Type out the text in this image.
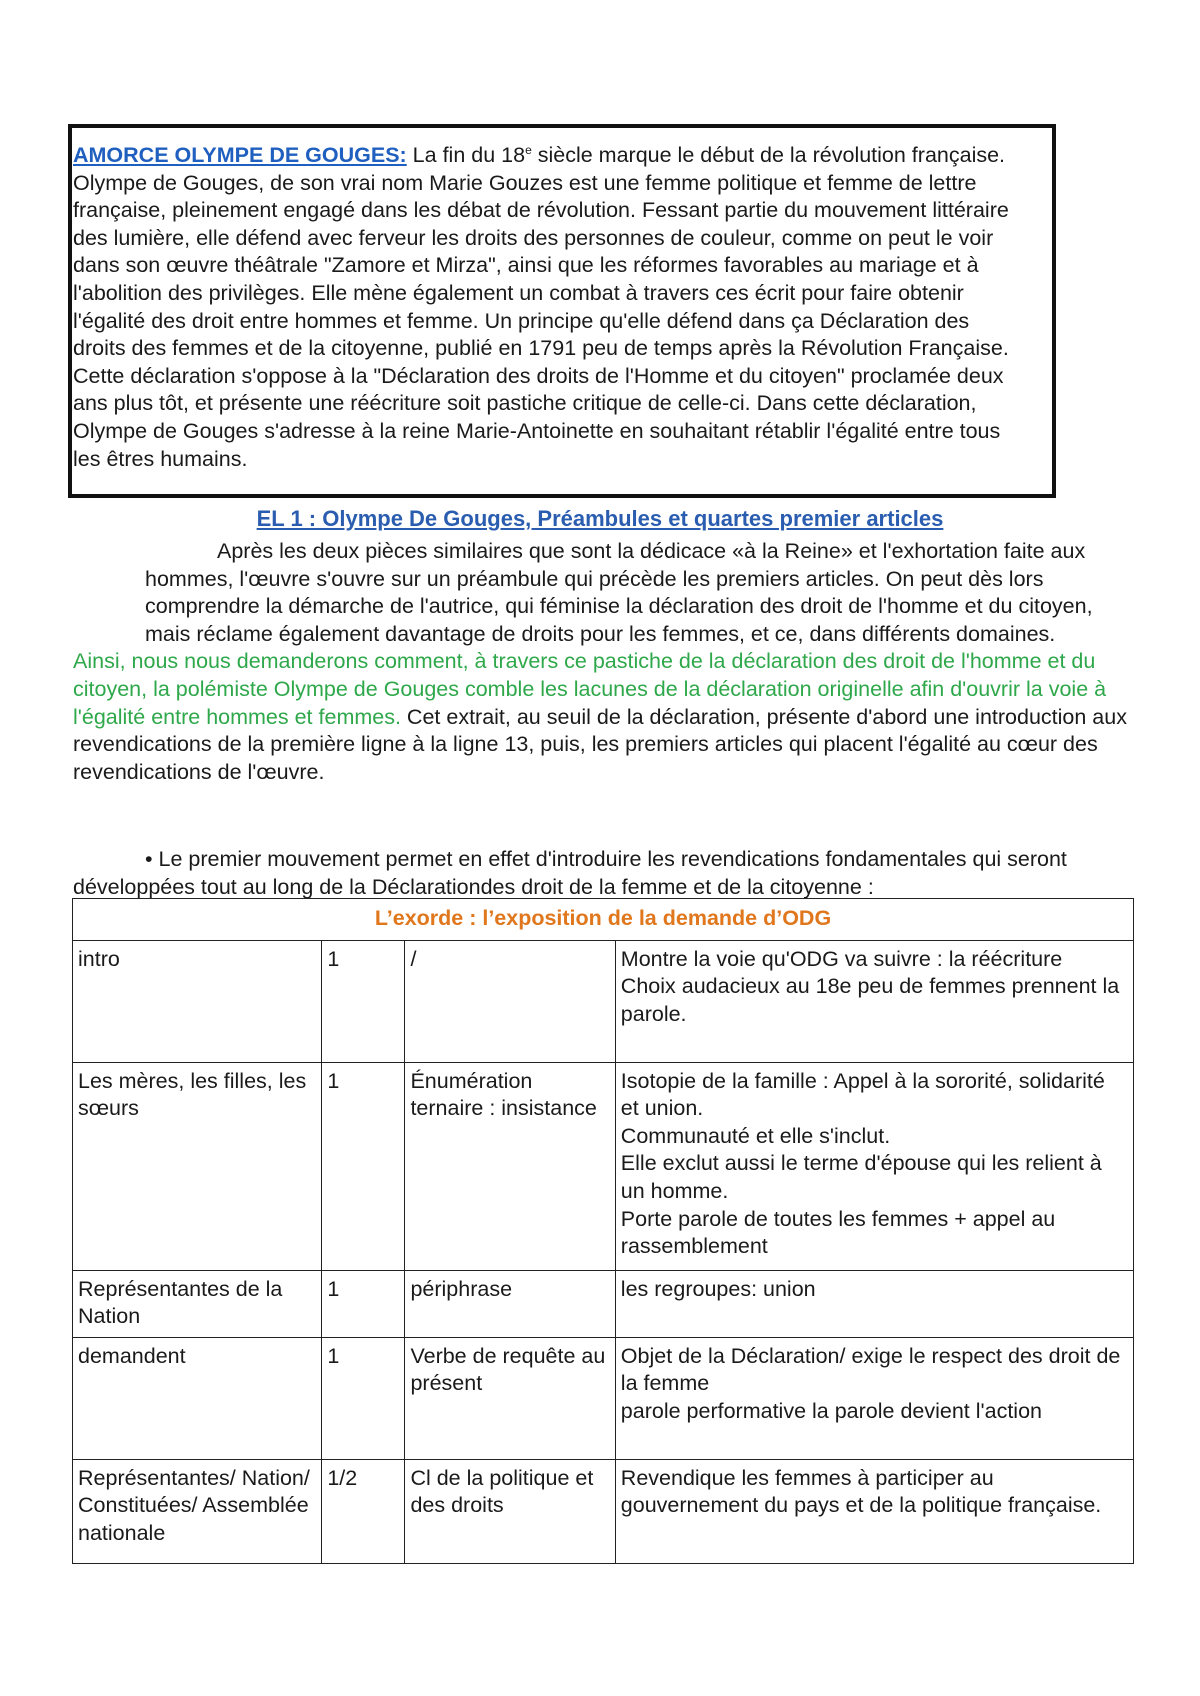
AMORCE OLYMPE DE GOUGES: La fin du 18e siècle marque le début de la révolution française.
Olympe de Gouges, de son vrai nom Marie Gouzes est une femme politique et femme de lettre
française, pleinement engagé dans les débat de révolution. Fessant partie du mouvement littéraire
des lumière, elle défend avec ferveur les droits des personnes de couleur, comme on peut le voir
dans son œuvre théâtrale "Zamore et Mirza", ainsi que les réformes favorables au mariage et à
l'abolition des privilèges. Elle mène également un combat à travers ces écrit pour faire obtenir
l'égalité des droit entre hommes et femme. Un principe qu'elle défend dans ça Déclaration des
droits des femmes et de la citoyenne, publié en 1791 peu de temps après la Révolution Française.
Cette déclaration s'oppose à la "Déclaration des droits de l'Homme et du citoyen" proclamée deux
ans plus tôt, et présente une réécriture soit pastiche critique de celle-ci. Dans cette déclaration,
Olympe de Gouges s'adresse à la reine Marie-Antoinette en souhaitant rétablir l'égalité entre tous
les êtres humains.
EL 1 : Olympe De Gouges, Préambules et quartes premier articles
Après les deux pièces similaires que sont la dédicace «à la Reine» et l'exhortation faite aux hommes, l'œuvre s'ouvre sur un préambule qui précède les premiers articles. On peut dès lors comprendre la démarche de l'autrice, qui féminise la déclaration des droit de l'homme et du citoyen, mais réclame également davantage de droits pour les femmes, et ce, dans différents domaines.
Ainsi, nous nous demanderons comment, à travers ce pastiche de la déclaration des droit de l'homme et du citoyen, la polémiste Olympe de Gouges comble les lacunes de la déclaration originelle afin d'ouvrir la voie à l'égalité entre hommes et femmes. Cet extrait, au seuil de la déclaration, présente d'abord une introduction aux revendications de la première ligne à la ligne 13, puis, les premiers articles qui placent l'égalité au cœur des revendications de l'œuvre.
• Le premier mouvement permet en effet d'introduire les revendications fondamentales qui seront développées tout au long de la Déclarationdes droit de la femme et de la citoyenne :
L’exorde : l’exposition de la demande d’ODG			
intro	1	/	Montre la voie qu'ODG va suivre : la réécriture
Choix audacieux au 18e peu de femmes prennent la parole.
Les mères, les filles, les sœurs	1	Énumération ternaire : insistance	Isotopie de la famille : Appel à la sororité, solidarité et union.
Communauté et elle s'inclut.
Elle exclut aussi le terme d'épouse qui les relient à un homme.
Porte parole de toutes les femmes + appel au rassemblement
Représentantes de la Nation	1	périphrase	les regroupes: union
demandent	1	Verbe de requête au présent	Objet de la Déclaration/ exige le respect des droit de la femme
parole performative la parole devient l'action
Représentantes/ Nation/ Constituées/ Assemblée nationale	1/2	Cl de la politique et des droits	Revendique les femmes à participer au gouvernement du pays et de la politique française.
